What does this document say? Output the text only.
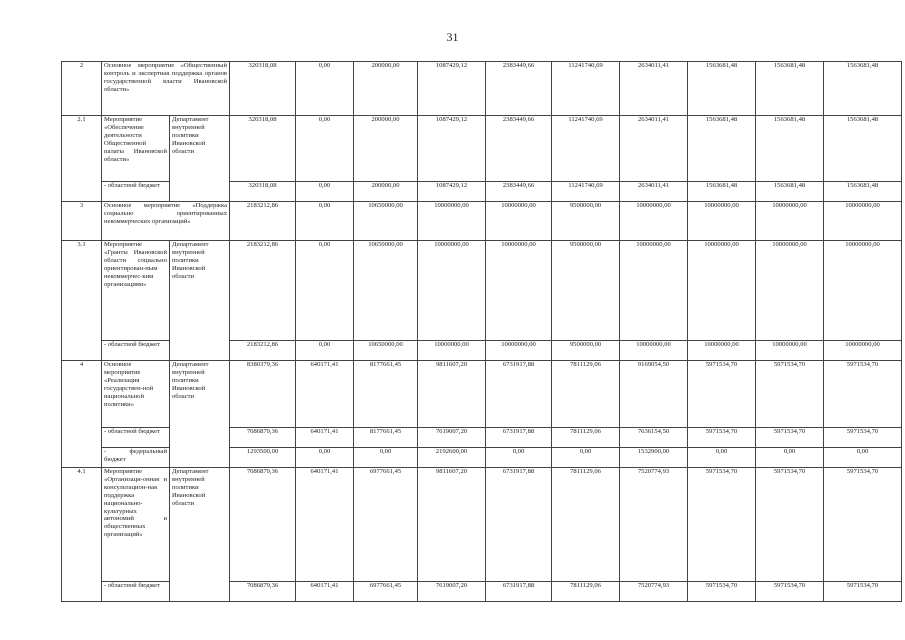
31
2	Основное мероприятие «Общественный контроль и экспертная поддержка органов государственной власти Ивановской области»		320318,08	0,00	200000,00	1087429,12	2383449,66	11241740,69	2634011,41	1563681,48	1563681,48	1563681,48
2.1	Мероприятие «Обеспечение деятельности Общественной палаты Ивановской области»	Департамент внутренней политики Ивановской области	320318,08	0,00	200000,00	1087429,12	2383449,66	11241740,69	2634011,41	1563681,48	1563681,48	1563681,48
	- областной бюджет		320318,08	0,00	200000,00	1087429,12	2383449,66	11241740,69	2634011,41	1563681,48	1563681,48	1563681,48
3	Основное мероприятие «Поддержка социально ориентированных некоммерческих организаций»		2183212,86	0,00	10650000,00	10000000,00	10000000,00	9500000,00	10000000,00	10000000,00	10000000,00	10000000,00
3.1	Мероприятие «Гранты Ивановской области социально ориентирован-ным некоммерчес-ким организациям»	Департамент внутренней политики Ивановской области	2183212,86	0,00	10650000,00	10000000,00	10000000,00	9500000,00	10000000,00	10000000,00	10000000,00	10000000,00
	- областной бюджет		2183212,86	0,00	10650000,00	10000000,00	10000000,00	9500000,00	10000000,00	10000000,00	10000000,00	10000000,00
4	Основное мероприятие «Реализация государствен-ной национальной политики»	Департамент внутренней политики Ивановской области	8380379,36	640171,41	8177661,45	9811607,20	6731917,88	7811129,06	9169054,50	5971534,70	5971534,70	5971534,70
	- областной бюджет		7086879,36	640171,41	8177661,45	7619007,20	6731917,88	7811129,06	7636154,50	5971534,70	5971534,70	5971534,70
	- федеральный бюджет		1293500,00	0,00	0,00	2192600,00	0,00	0,00	1532900,00	0,00	0,00	0,00
4.1	Мероприятие «Организаци-онная и консультацион-ная поддержка национально-культурных автономий и общественных организаций»	Департамент внутренней политики Ивановской области	7086879,36	640171,41	6977661,45	9811607,20	6731917,88	7811129,06	7520774,93	5971534,70	5971534,70	5971534,70
	- областной бюджет		7086879,36	640171,41	6977661,45	7619007,20	6731917,88	7811129,06	7520774,93	5971534,70	5971534,70	5971534,70
